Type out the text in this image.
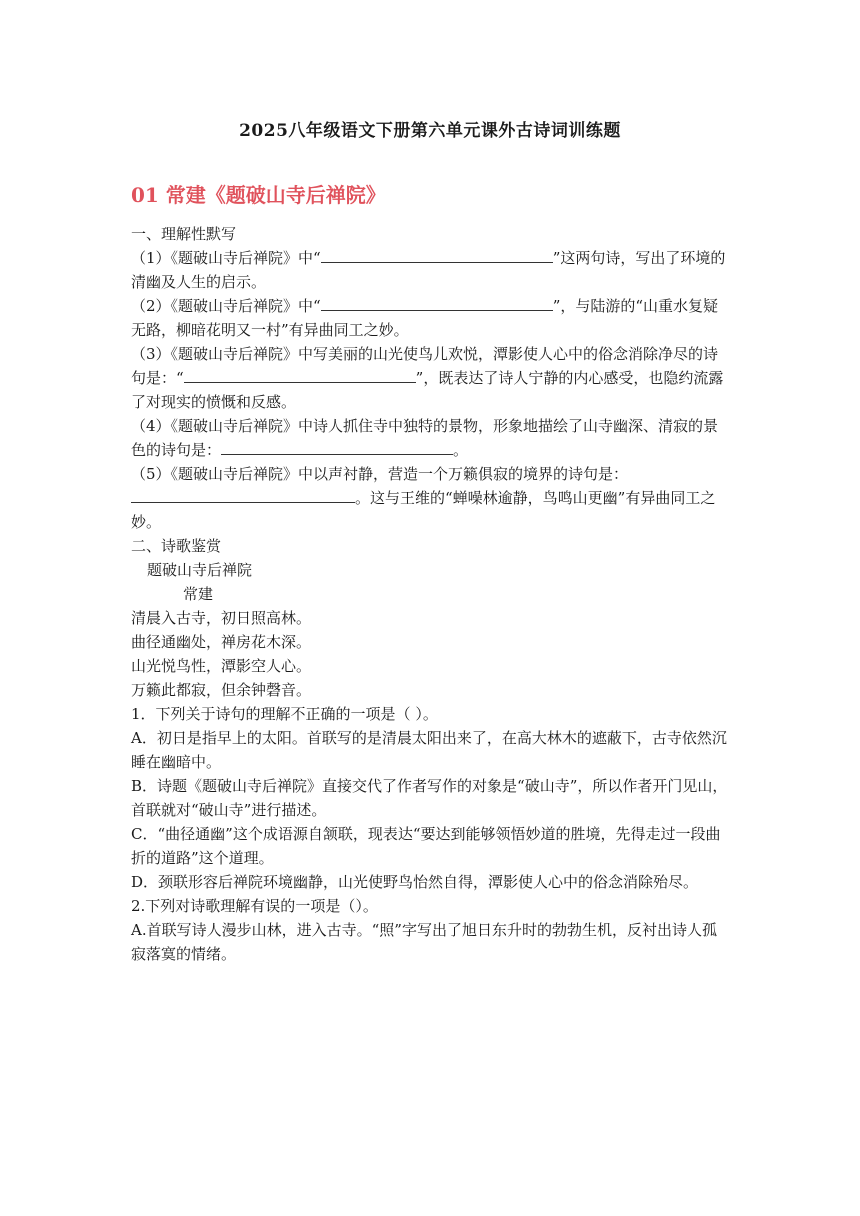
2025八年级语文下册第六单元课外古诗词训练题
01 常建《题破山寺后禅院》

一、理解性默写

（1）《题破山寺后禅院》中“	”这两句诗，写出了环境的清幽及人生的启示。

（2）《题破山寺后禅院》中“	”，与陆游的“山重水复疑无路，柳暗花明又一村”有异曲同工之妙。

（3）《题破山寺后禅院》中写美丽的山光使鸟儿欢悦，潭影使人心中的俗念消除净尽的诗句是：“	”，既表达了诗人宁静的内心感受，也隐约流露了对现实的愤慨和反感。

（4）《题破山寺后禅院》中诗人抓住寺中独特的景物，形象地描绘了山寺幽深、清寂的景色的诗句是：	。

（5）《题破山寺后禅院》中以声衬静，营造一个万籁俱寂的境界的诗句是：。这与王维的“蝉噪林逾静，鸟鸣山更幽”有异曲同工之妙。

二、诗歌鉴赏

题破山寺后禅院

常建

清晨入古寺，初日照高林。

曲径通幽处，禅房花木深。

山光悦鸟性，潭影空人心。

万籁此都寂，但余钟磬音。

1．下列关于诗句的理解不正确的一项是（ ）。

A．初日是指早上的太阳。首联写的是清晨太阳出来了，在高大林木的遮蔽下，古寺依然沉睡在幽暗中。

B．诗题《题破山寺后禅院》直接交代了作者写作的对象是“破山寺”，所以作者开门见山，首联就对“破山寺”进行描述。

C．“曲径通幽”这个成语源自颔联，现表达“要达到能够领悟妙道的胜境，先得走过一段曲折的道路”这个道理。

D．颈联形容后禅院环境幽静，山光使野鸟怡然自得，潭影使人心中的俗念消除殆尽。

2.下列对诗歌理解有误的一项是（）。

A.首联写诗人漫步山林，进入古寺。“照”字写出了旭日东升时的勃勃生机，反衬出诗人孤寂落寞的情绪。
